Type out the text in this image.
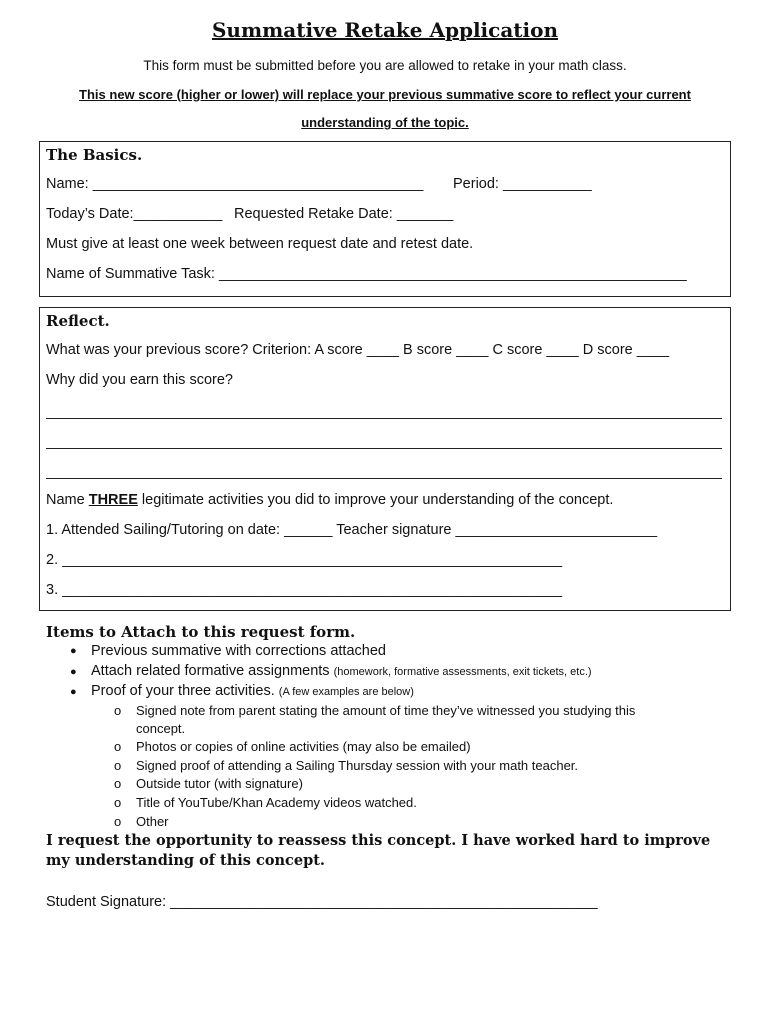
Summative Retake Application
This form must be submitted before you are allowed to retake in your math class.
This new score (higher or lower) will replace your previous summative score to reflect your current
understanding of the topic.
The Basics.
Name: _________________________________________ Period: ___________
Today’s Date:___________ Requested Retake Date: _______
Must give at least one week between request date and retest date.
Name of Summative Task: __________________________________________________________
Reflect.
What was your previous score? Criterion: A score ____ B score ____ C score ____ D score ____
Why did you earn this score?
Name THREE legitimate activities you did to improve your understanding of the concept.
1. Attended Sailing/Tutoring on date: ______ Teacher signature _________________________
2. ______________________________________________________________
3. ______________________________________________________________
Items to Attach to this request form.
● Previous summative with corrections attached
● Attach related formative assignments (homework, formative assessments, exit tickets, etc.)
● Proof of your three activities. (A few examples are below)
o Signed note from parent stating the amount of time they’ve witnessed you studying this
concept.
o Photos or copies of online activities (may also be emailed)
o Signed proof of attending a Sailing Thursday session with your math teacher.
o Outside tutor (with signature)
o Title of YouTube/Khan Academy videos watched.
o Other
I request the opportunity to reassess this concept. I have worked hard to improve
my understanding of this concept.
Student Signature: _____________________________________________________
